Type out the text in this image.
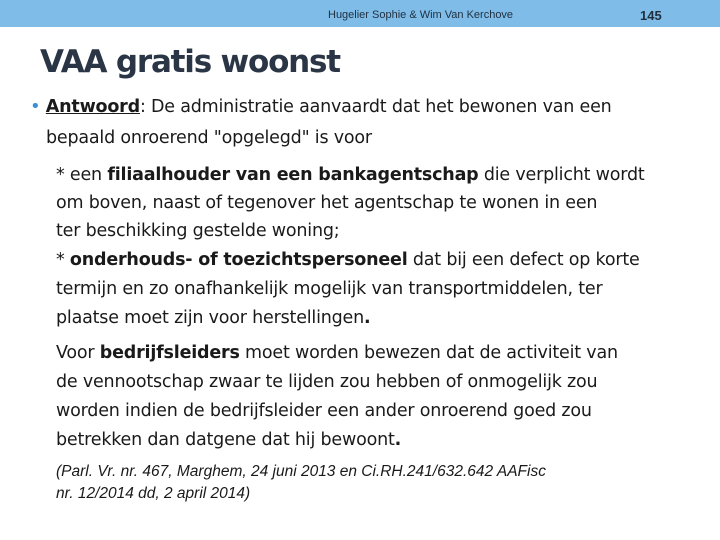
Hugelier Sophie & Wim Van Kerchove	145
VAA gratis woonst
• Antwoord: De administratie aanvaardt dat het bewonen van een
bepaald onroerend "opgelegd" is voor
* een filiaalhouder van een bankagentschap die verplicht wordt
om boven, naast of tegenover het agentschap te wonen in een
ter beschikking gestelde woning;
* onderhouds- of toezichtspersoneel dat bij een defect op korte
termijn en zo onafhankelijk mogelijk van transportmiddelen, ter
plaatse moet zijn voor herstellingen.
Voor bedrijfsleiders moet worden bewezen dat de activiteit van
de vennootschap zwaar te lijden zou hebben of onmogelijk zou
worden indien de bedrijfsleider een ander onroerend goed zou
betrekken dan datgene dat hij bewoont.
(Parl. Vr. nr. 467, Marghem, 24 juni 2013 en Ci.RH.241/632.642 AAFisc
nr. 12/2014 dd, 2 april 2014)
